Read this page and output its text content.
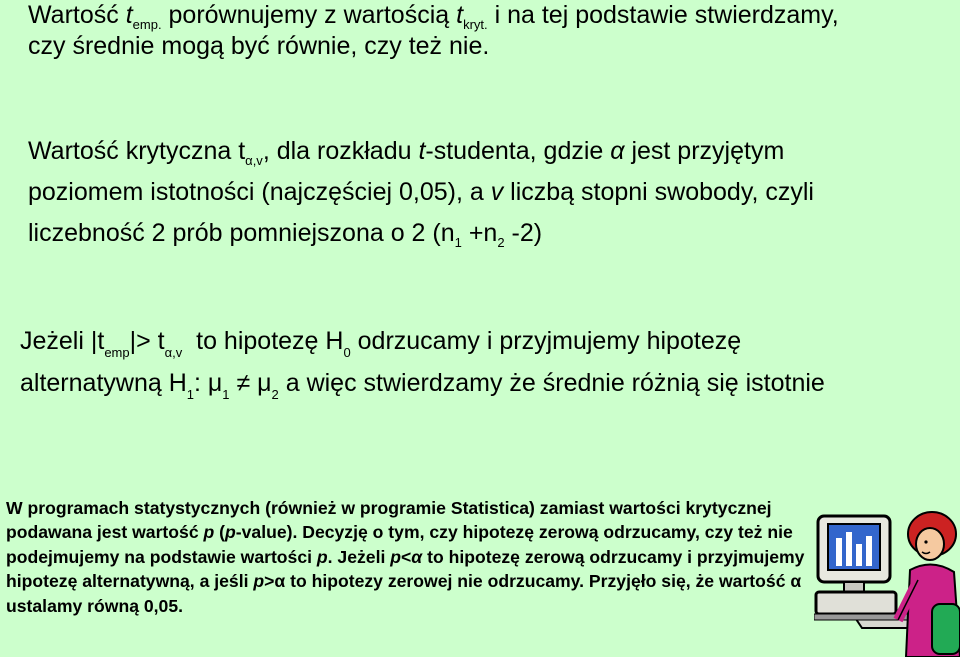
Wartość $t_{emp.}$ porównujemy z wartością $t_{kryt.}$ i na tej podstawie stwierdzamy,
czy średnie mogą być równie, czy też nie.
Wartość krytyczna $t_{\alpha,v}$, dla rozkładu t-studenta, gdzie α jest przyjętym
poziomem istotności (najczęściej 0,05), a v liczbą stopni swobody, czyli
liczebność 2 prób pomniejszona o 2 ($n_1 +n_2$ -2)
Jeżeli $|t_{emp}|> t_{\alpha,v}$  to hipotezę $H_0$ odrzucamy i przyjmujemy hipotezę
alternatywną $H_1$: $\mu_1 \ne \mu_2$ a więc stwierdzamy że średnie różnią się istotnie
W programach statystycznych (również w programie Statistica) zamiast wartości krytycznej podawana jest wartość p (p-value). Decyzję o tym, czy hipotezę zerową odrzucamy, czy też nie podejmujemy na podstawie wartości p. Jeżeli p<α to hipotezę zerową odrzucamy i przyjmujemy hipotezę alternatywną, a jeśli p>α to hipotezy zerowej nie odrzucamy. Przyjęło się, że wartość α ustalamy równą 0,05.
